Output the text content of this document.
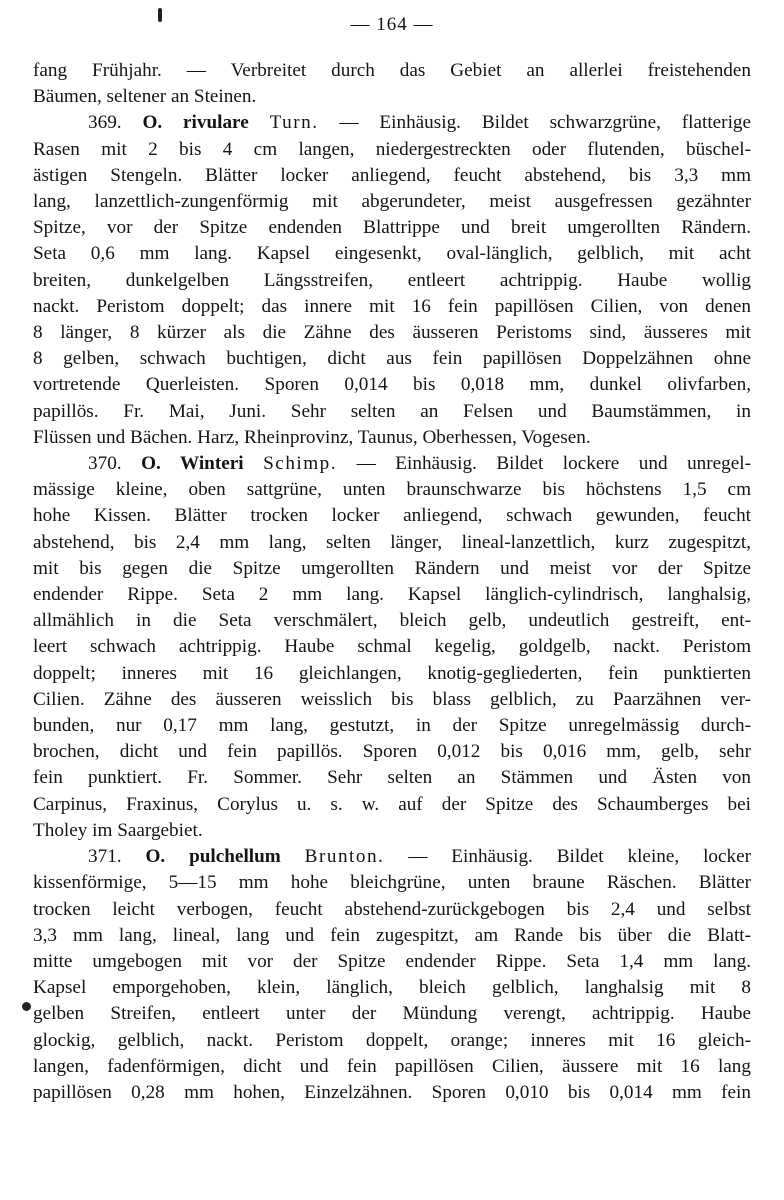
— 164 —
fang Frühjahr. — Verbreitet durch das Gebiet an allerlei freistehenden
Bäumen, seltener an Steinen.
369. O. rivulare Turn. — Einhäusig. Bildet schwarzgrüne, flatterige
Rasen mit 2 bis 4 cm langen, niedergestreckten oder flutenden, büschel-
ästigen Stengeln. Blätter locker anliegend, feucht abstehend, bis 3,3 mm
lang, lanzettlich-zungenförmig mit abgerundeter, meist ausgefressen gezähnter
Spitze, vor der Spitze endenden Blattrippe und breit umgerollten Rändern.
Seta 0,6 mm lang. Kapsel eingesenkt, oval-länglich, gelblich, mit acht
breiten, dunkelgelben Längsstreifen, entleert achtrippig. Haube wollig
nackt. Peristom doppelt; das innere mit 16 fein papillösen Cilien, von denen
8 länger, 8 kürzer als die Zähne des äusseren Peristoms sind, äusseres mit
8 gelben, schwach buchtigen, dicht aus fein papillösen Doppelzähnen ohne
vortretende Querleisten. Sporen 0,014 bis 0,018 mm, dunkel olivfarben,
papillös. Fr. Mai, Juni. Sehr selten an Felsen und Baumstämmen, in
Flüssen und Bächen. Harz, Rheinprovinz, Taunus, Oberhessen, Vogesen.
370. O. Winteri Schimp. — Einhäusig. Bildet lockere und unregel-
mässige kleine, oben sattgrüne, unten braunschwarze bis höchstens 1,5 cm
hohe Kissen. Blätter trocken locker anliegend, schwach gewunden, feucht
abstehend, bis 2,4 mm lang, selten länger, lineal-lanzettlich, kurz zugespitzt,
mit bis gegen die Spitze umgerollten Rändern und meist vor der Spitze
endender Rippe. Seta 2 mm lang. Kapsel länglich-cylindrisch, langhalsig,
allmählich in die Seta verschmälert, bleich gelb, undeutlich gestreift, ent-
leert schwach achtrippig. Haube schmal kegelig, goldgelb, nackt. Peristom
doppelt; inneres mit 16 gleichlangen, knotig-gegliederten, fein punktierten
Cilien. Zähne des äusseren weisslich bis blass gelblich, zu Paarzähnen ver-
bunden, nur 0,17 mm lang, gestutzt, in der Spitze unregelmässig durch-
brochen, dicht und fein papillös. Sporen 0,012 bis 0,016 mm, gelb, sehr
fein punktiert. Fr. Sommer. Sehr selten an Stämmen und Ästen von
Carpinus, Fraxinus, Corylus u. s. w. auf der Spitze des Schaumberges bei
Tholey im Saargebiet.
371. O. pulchellum Brunton. — Einhäusig. Bildet kleine, locker
kissenförmige, 5—15 mm hohe bleichgrüne, unten braune Räschen. Blätter
trocken leicht verbogen, feucht abstehend-zurückgebogen bis 2,4 und selbst
3,3 mm lang, lineal, lang und fein zugespitzt, am Rande bis über die Blatt-
mitte umgebogen mit vor der Spitze endender Rippe. Seta 1,4 mm lang.
Kapsel emporgehoben, klein, länglich, bleich gelblich, langhalsig mit 8
gelben Streifen, entleert unter der Mündung verengt, achtrippig. Haube
glockig, gelblich, nackt. Peristom doppelt, orange; inneres mit 16 gleich-
langen, fadenförmigen, dicht und fein papillösen Cilien, äussere mit 16 lang
papillösen 0,28 mm hohen, Einzelzähnen. Sporen 0,010 bis 0,014 mm fein
